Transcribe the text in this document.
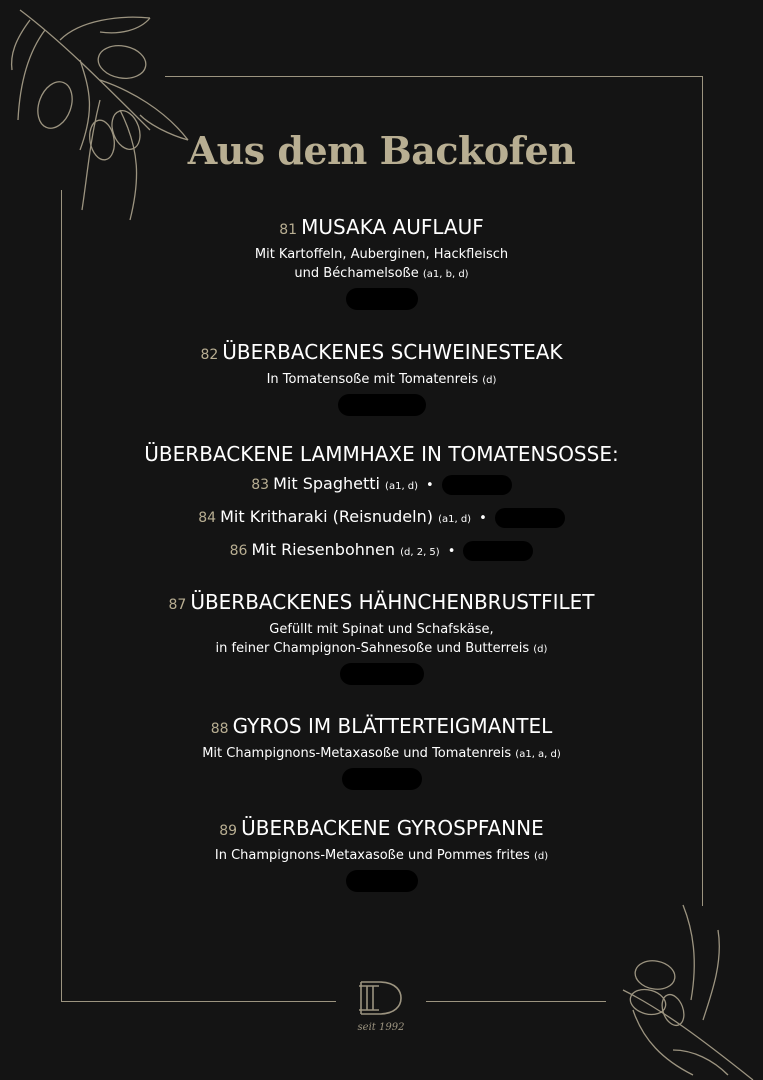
Aus dem Backofen
81 MUSAKA AUFLAUF
Mit Kartoffeln, Auberginen, Hackfleisch
und Béchamelsoße (a1, b, d)
82 ÜBERBACKENES SCHWEINESTEAK
In Tomatensoße mit Tomatenreis (d)
ÜBERBACKENE LAMMHAXE IN TOMATENSOSSE:
83 Mit Spaghetti (a1, d) •
84 Mit Kritharaki (Reisnudeln) (a1, d) •
86 Mit Riesenbohnen (d, 2, 5) •
87 ÜBERBACKENES HÄHNCHENBRUSTFILET
Gefüllt mit Spinat und Schafskäse,
in feiner Champignon-Sahnesoße und Butterreis (d)
88 GYROS IM BLÄTTERTEIGMANTEL
Mit Champignons-Metaxasoße und Tomatenreis (a1, a, d)
89 ÜBERBACKENE GYROSPFANNE
In Champignons-Metaxasoße und Pommes frites (d)
seit 1992
